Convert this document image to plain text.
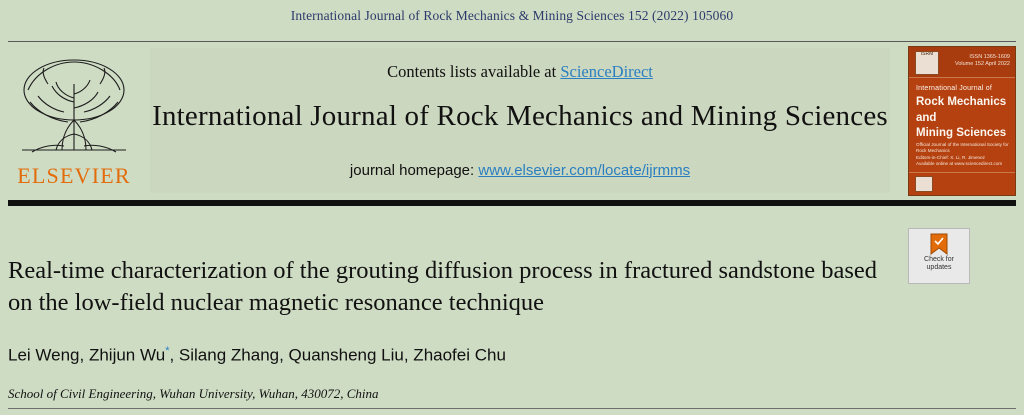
International Journal of Rock Mechanics & Mining Sciences 152 (2022) 105060
ELSEVIER
Contents lists available at ScienceDirect
International Journal of Rock Mechanics and Mining Sciences
journal homepage: www.elsevier.com/locate/ijrmms
ISRM	ISSN 1365-1609
Volume 152 April 2022
International Journal of
Rock Mechanics
and
Mining Sciences
Official Journal of the International Society for Rock Mechanics
Editors-in-Chief: X. Li, R. Jimenez
Available online at www.sciencedirect.com
Check for
updates
Real-time characterization of the grouting diffusion process in fractured sandstone based on the low-field nuclear magnetic resonance technique
Lei Weng, Zhijun Wu*, Silang Zhang, Quansheng Liu, Zhaofei Chu
School of Civil Engineering, Wuhan University, Wuhan, 430072, China
